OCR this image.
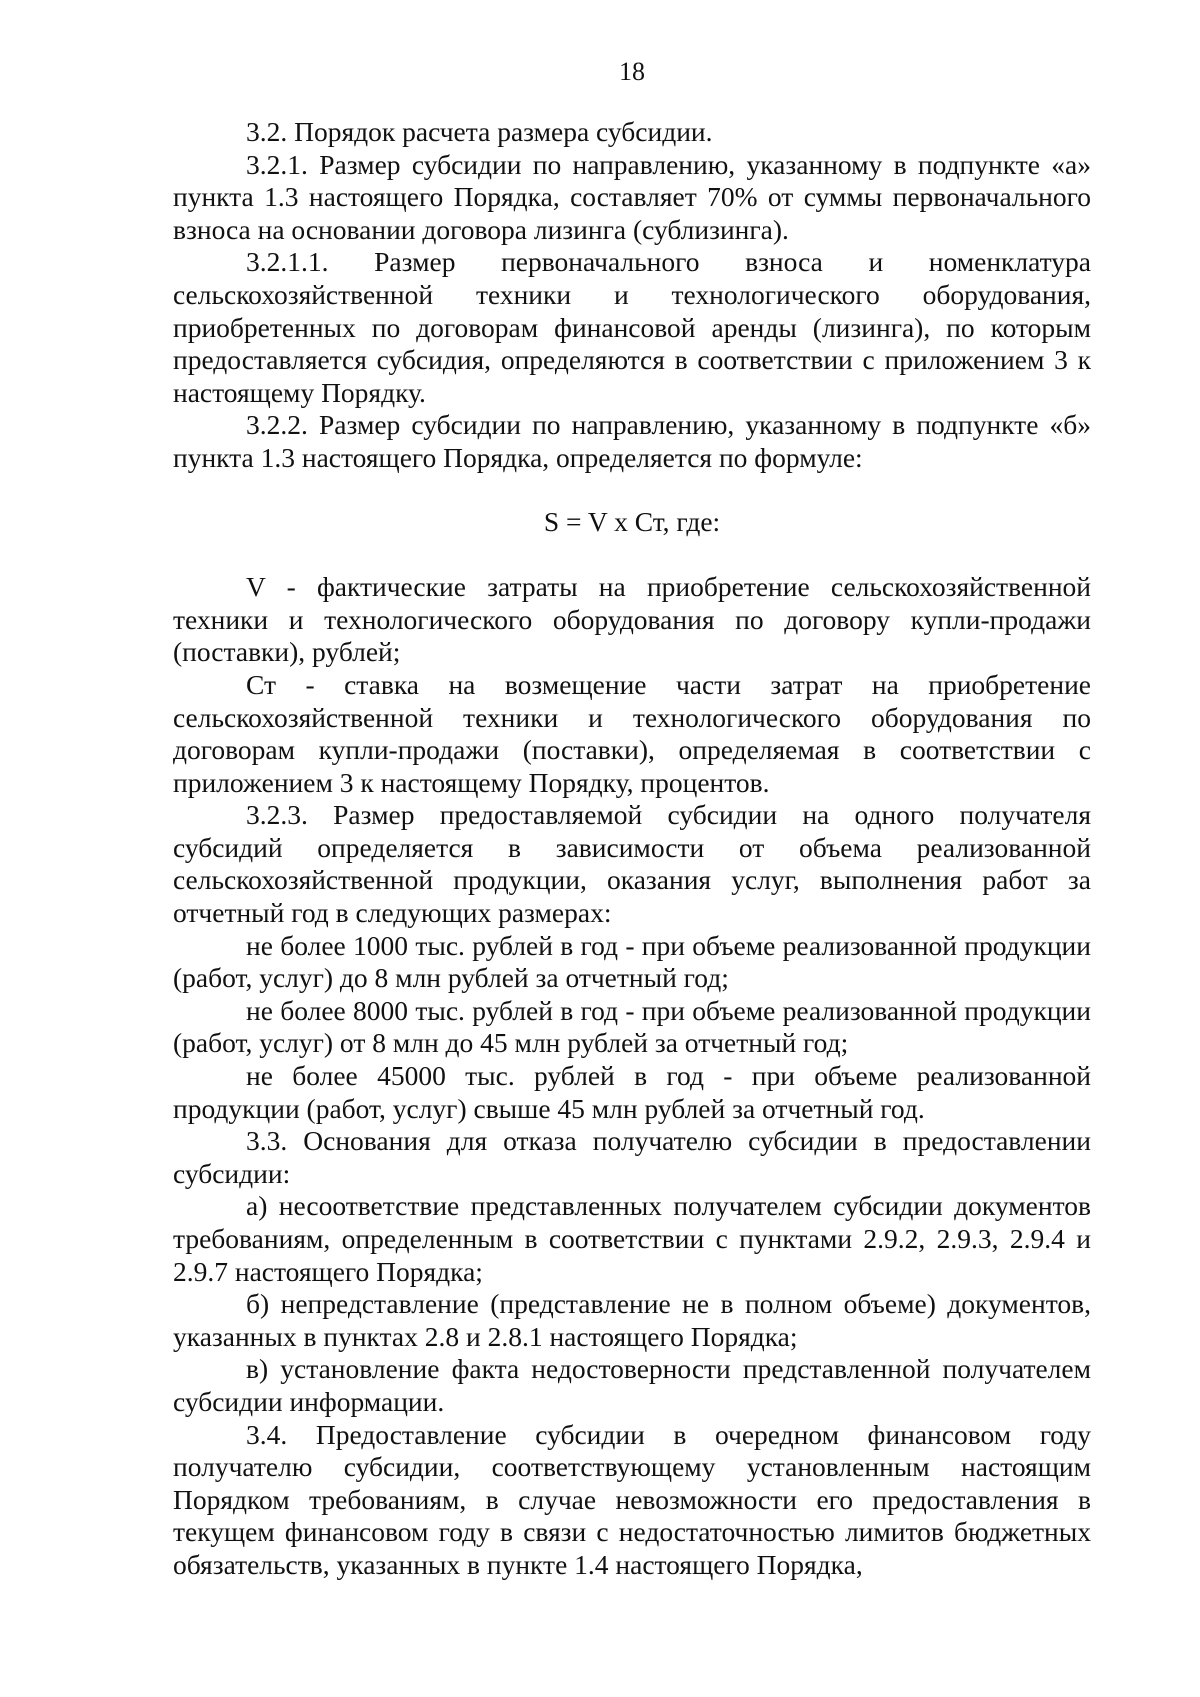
18

3.2. Порядок расчета размера субсидии.

3.2.1. Размер субсидии по направлению, указанному в подпункте «а» пункта 1.3 настоящего Порядка, составляет 70% от суммы первоначального взноса на основании договора лизинга (сублизинга).

3.2.1.1. Размер первоначального взноса и номенклатура сельскохозяйственной техники и технологического оборудования, приобретенных по договорам финансовой аренды (лизинга), по которым предоставляется субсидия, определяются в соответствии с приложением 3 к настоящему Порядку.

3.2.2. Размер субсидии по направлению, указанному в подпункте «б» пункта 1.3 настоящего Порядка, определяется по формуле:

S = V х Ст, где:

V - фактические затраты на приобретение сельскохозяйственной техники и технологического оборудования по договору купли-продажи (поставки), рублей;

Ст - ставка на возмещение части затрат на приобретение сельскохозяйственной техники и технологического оборудования по договорам купли-продажи (поставки), определяемая в соответствии с приложением 3 к настоящему Порядку, процентов.

3.2.3. Размер предоставляемой субсидии на одного получателя субсидий определяется в зависимости от объема реализованной сельскохозяйственной продукции, оказания услуг, выполнения работ за отчетный год в следующих размерах:

не более 1000 тыс. рублей в год - при объеме реализованной продукции (работ, услуг) до 8 млн рублей за отчетный год;

не более 8000 тыс. рублей в год - при объеме реализованной продукции (работ, услуг) от 8 млн до 45 млн рублей за отчетный год;

не более 45000 тыс. рублей в год - при объеме реализованной продукции (работ, услуг) свыше 45 млн рублей за отчетный год.

3.3. Основания для отказа получателю субсидии в предоставлении субсидии:

а) несоответствие представленных получателем субсидии документов требованиям, определенным в соответствии с пунктами 2.9.2, 2.9.3, 2.9.4 и 2.9.7 настоящего Порядка;

б) непредставление (представление не в полном объеме) документов, указанных в пунктах 2.8 и 2.8.1 настоящего Порядка;

в) установление факта недостоверности представленной получателем субсидии информации.

3.4. Предоставление субсидии в очередном финансовом году получателю субсидии, соответствующему установленным настоящим Порядком требованиям, в случае невозможности его предоставления в текущем финансовом году в связи с недостаточностью лимитов бюджетных обязательств, указанных в пункте 1.4 настоящего Порядка,
